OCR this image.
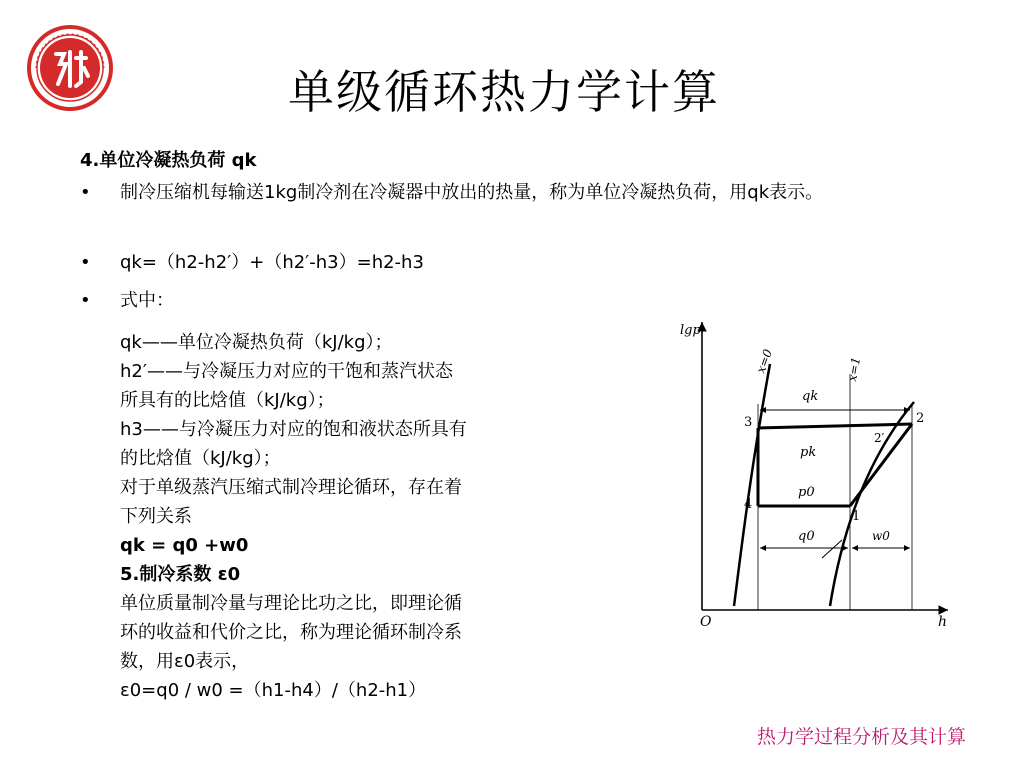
单级循环热力学计算
4.单位冷凝热负荷 qk
• 制冷压缩机每输送1kg制冷剂在冷凝器中放出的热量，称为单位冷凝热负荷，用qk表示。
• qk=（h2-h2′）+（h2′-h3）=h2-h3
• 式中：
qk——单位冷凝热负荷（kJ/kg）；
h2′——与冷凝压力对应的干饱和蒸汽状态
所具有的比焓值（kJ/kg）；
h3——与冷凝压力对应的饱和液状态所具有
的比焓值（kJ/kg）；
对于单级蒸汽压缩式制冷理论循环，存在着
下列关系
qk = q0 +w0
5.制冷系数 ε0
单位质量制冷量与理论比功之比，即理论循
环的收益和代价之比，称为理论循环制冷系
数，用ε0表示，
ε0=q0 / w0 =（h1-h4）/（h2-h1）
lgp
h
O
x=0	x=1
qk
pk
p0
q0	w0
1
2
2′
3
4
热力学过程分析及其计算
